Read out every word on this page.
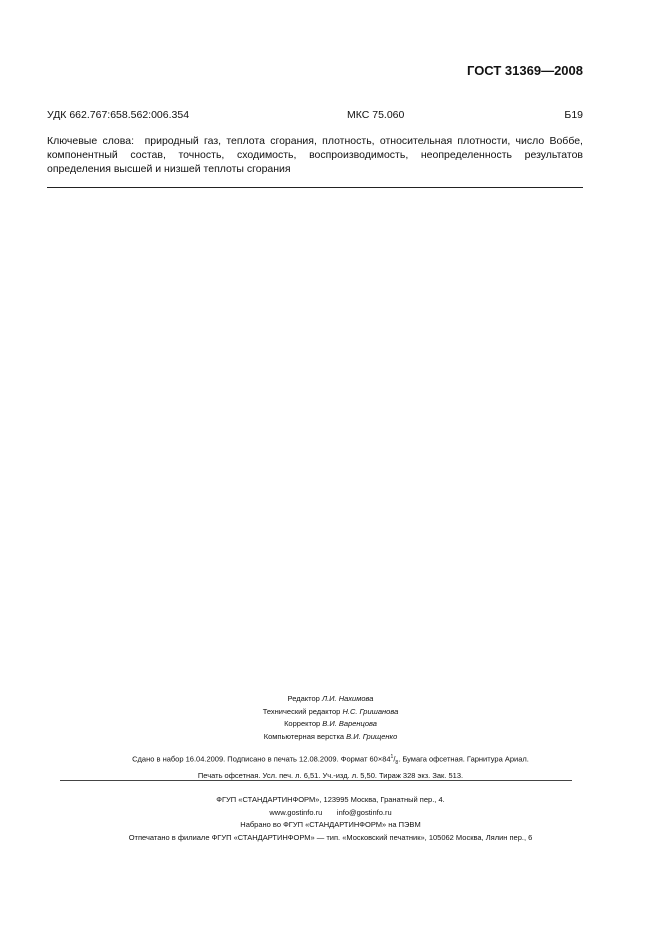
ГОСТ 31369—2008
УДК 662.767:658.562:006.354	МКС 75.060	Б19
Ключевые слова: природный газ, теплота сгорания, плотность, относительная плотности, число Воббе, компонентный состав, точность, сходимость, воспроизводимость, неопределенность результатов определения высшей и низшей теплоты сгорания
Редактор Л.И. Нахимова
Технический редактор Н.С. Гришанова
Корректор В.И. Варенцова
Компьютерная верстка В.И. Грищенко
Сдано в набор 16.04.2009. Подписано в печать 12.08.2009. Формат $60\times 84^1/_8$. Бумага офсетная. Гарнитура Ариал.
Печать офсетная. Усл. печ. л. 6,51. Уч.-изд. л. 5,50. Тираж 328 экз. Зак. 513.
ФГУП «СТАНДАРТИНФОРМ», 123995 Москва, Гранатный пер., 4.
www.gostinfo.ru info@gostinfo.ru
Набрано во ФГУП «СТАНДАРТИНФОРМ» на ПЭВМ
Отпечатано в филиале ФГУП «СТАНДАРТИНФОРМ» — тип. «Московский печатник», 105062 Москва, Лялин пер., 6
